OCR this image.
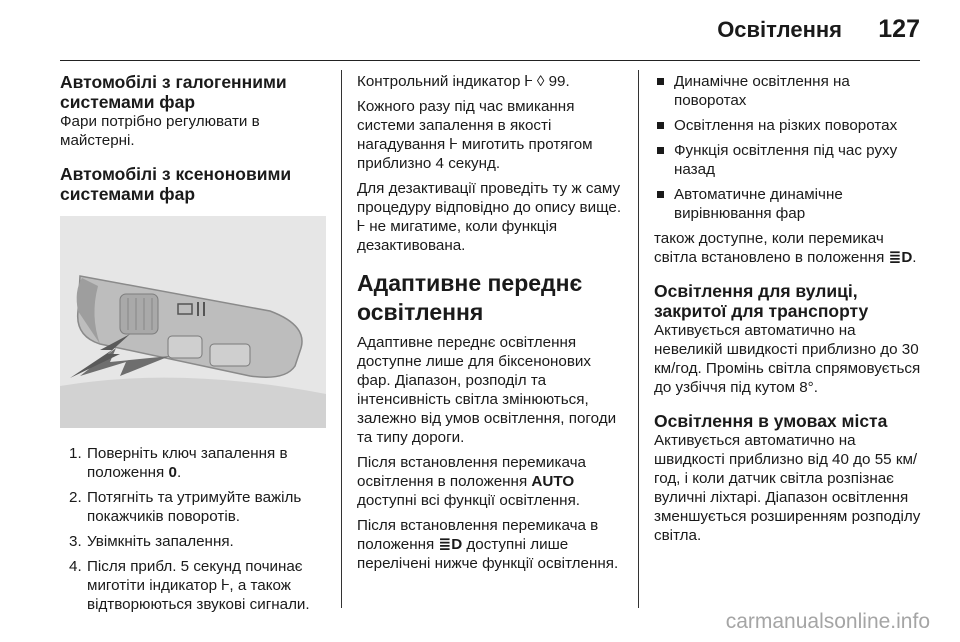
Освітлення 127
Автомобілі з галогенними системами фар

Фари потрібно регулювати в майстерні.

Автомобілі з ксеноновими системами фар
1. Поверніть ключ запалення в положення 0.
2. Потягніть та утримуйте важіль покажчиків поворотів.
3. Увімкніть запалення.
4. Після прибл. 5 секунд починає миготіти індикатор Ꮀ, а також відтворюються звукові сигнали.

Контрольний індикатор Ꮀ ◊ 99.

Кожного разу під час вмикання системи запалення в якості нагадування Ꮀ миготить протягом приблизно 4 секунд.

Для дезактивації проведіть ту ж саму процедуру відповідно до опису вище. Ꮀ не мигатиме, коли функція дезактивована.

Адаптивне переднє освітлення

Адаптивне переднє освітлення доступне лише для біксенонових фар. Діапазон, розподіл та інтенсивність світла змінюються, залежно від умов освітлення, погоди та типу дороги.

Після встановлення перемикача освітлення в положення AUTO доступні всі функції освітлення.

Після встановлення перемикача в положення ≣D доступні лише перелічені нижче функції освітлення.

Динамічне освітлення на поворотах
Освітлення на різких поворотах
Функція освітлення під час руху назад
Автоматичне динамічне вирівнювання фар

також доступне, коли перемикач світла встановлено в положення ≣D.

Освітлення для вулиці, закритої для транспорту

Активується автоматично на невеликій швидкості приблизно до 30 км/год. Промінь світла спрямовується до узбіччя під кутом 8°.

Освітлення в умовах міста

Активується автоматично на швидкості приблизно від 40 до 55 км/год, і коли датчик світла розпізнає вуличні ліхтарі. Діапазон освітлення зменшується розширенням розподілу світла.

carmanualsonline.info
